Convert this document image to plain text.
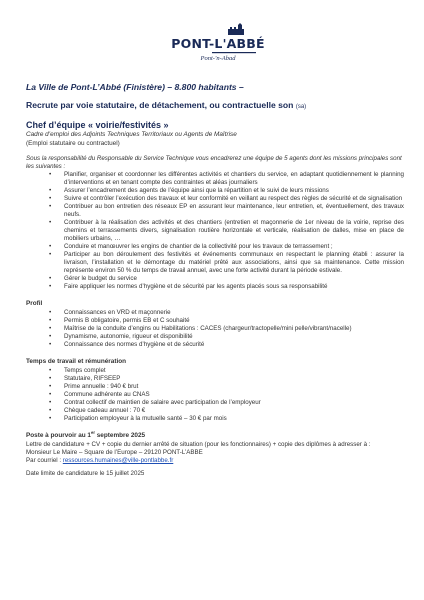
PONT-L'ABBÉ
Pont-'n-Abad

La Ville de Pont-L’Abbé (Finistère) – 8.800 habitants –

Recrute par voie statutaire, de détachement, ou contractuelle son (sa)

Chef d’équipe « voirie/festivités »

Cadre d’emploi des Adjoints Techniques Territoriaux ou Agents de Maîtrise

(Emploi statutaire ou contractuel)

Sous la responsabilité du Responsable du Service Technique vous encadrerez une équipe de 5 agents dont les missions principales sont les suivantes :

• Planifier, organiser et coordonner les différentes activités et chantiers du service, en adaptant quotidiennement le planning d’interventions et en tenant compte des contraintes et aléas journaliers
• Assurer l’encadrement des agents de l’équipe ainsi que la répartition et le suivi de leurs missions
• Suivre et contrôler l’exécution des travaux et leur conformité en veillant au respect des règles de sécurité et de signalisation
• Contribuer au bon entretien des réseaux EP en assurant leur maintenance, leur entretien, et, éventuellement, des travaux neufs.
• Contribuer à la réalisation des activités et des chantiers (entretien et maçonnerie de 1er niveau de la voirie, reprise des chemins et terrassements divers, signalisation routière horizontale et verticale, réalisation de dalles, mise en place de mobiliers urbains, …
• Conduire et manœuvrer les engins de chantier de la collectivité pour les travaux de terrassement ;
• Participer au bon déroulement des festivités et événements communaux en respectant le planning établi : assurer la livraison, l’installation et le démontage du matériel prêté aux associations, ainsi que sa maintenance. Cette mission représente environ 50 % du temps de travail annuel, avec une forte activité durant la période estivale.
• Gérer le budget du service
• Faire appliquer les normes d’hygiène et de sécurité par les agents placés sous sa responsabilité

Profil

• Connaissances en VRD et maçonnerie
• Permis B obligatoire, permis EB et C souhaité
• Maîtrise de la conduite d’engins ou Habilitations : CACES (chargeur/tractopelle/mini pelle/vibrant/nacelle)
• Dynamisme, autonomie, rigueur et disponibilité
• Connaissance des normes d’hygiène et de sécurité

Temps de travail et rémunération

• Temps complet
• Statutaire, RIFSEEP
• Prime annuelle : 940 € brut
• Commune adhérente au CNAS
• Contrat collectif de maintien de salaire avec participation de l’employeur
• Chèque cadeau annuel : 70 €
• Participation employeur à la mutuelle santé – 30 € par mois

Poste à pourvoir au 1er septembre 2025

Lettre de candidature + CV + copie du dernier arrêté de situation (pour les fonctionnaires) + copie des diplômes à adresser à :

Monsieur Le Maire – Square de l’Europe – 29120 PONT-L’ABBE

Par courriel : ressources.humaines@ville-pontlabbe.fr

Date limite de candidature le 15 juillet 2025
